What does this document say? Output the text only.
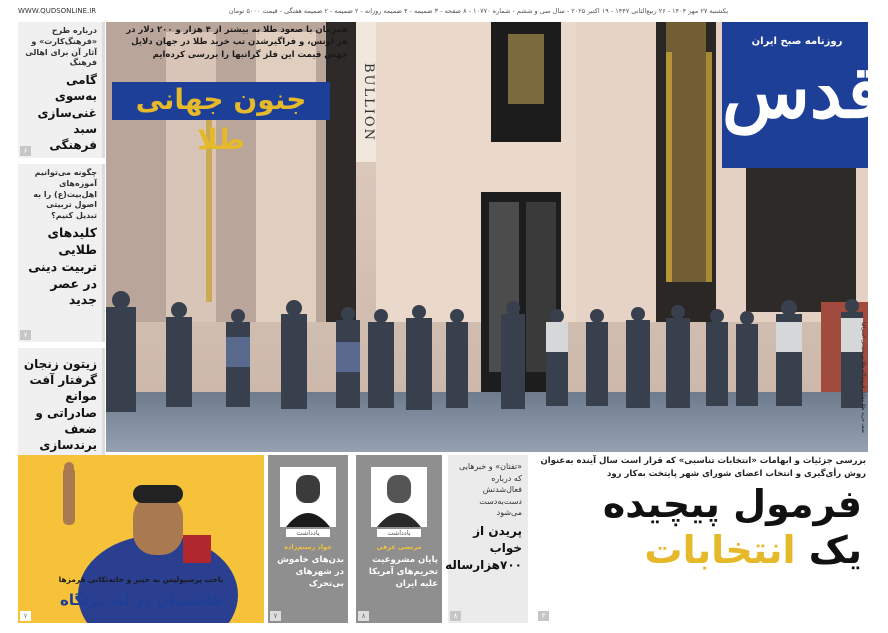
WWW.QUDSONLINE.IR	یکشنبه ۲۷ مهر ۱۴۰۴ - ۲۶ ربیع‌الثانی ۱۴۴۷ - ۱۹ اکتبر ۲۰۲۵ - سال سی و ششم - شماره ۱۰۷۷۰ - ۸ صفحه - ۳ ضمیمه - ۴ ضمیمه روزانه - ۲ ضمیمه - ۲ ضمیمه هفتگی - قیمت ۵۰۰۰ تومان
درباره طرح «فرهنگ‌کارت» و آثار آن برای اهالی فرهنگ
گامی به‌سوی غنی‌سازی سبد فرهنگی
۶
چگونه می‌توانیم آموزه‌های اهل‌بیت(ع) را به اصول تربیتی تبدیل کنیم؟
کلیدهای طلایی تربیت دینی در عصر جدید
۷
زیتون زنجان گرفتار آفت موانع صادراتی و ضعف برندسازی
BULLION
صف خرید طلا مقابل فروشگاه طلا در سیدنی استرالیا
همزمان با صعود طلا به بیشتر از ۴ هزار و ۲۰۰ دلار در هر اونس، و فراگیرشدن تب خرید طلا در جهان دلایل جهش قیمت این فلز گرانبها را بررسی کرده‌ایم
جنون جهانی طلا
قدس
روزنامه صبح ایران
باخت پرسپولیس به خیبر و خانه‌تکانی قرمزها
هاشمیان در لبه پرتگاه
۷
یادداشت
جواد رستم‌زاده
بدن‌های خاموش در شهرهای بی‌تحرک
۷
یادداشت
مرتضی غرقی
پایان مشروعیت تحریم‌های آمریکا علیه ایران
۸
«تفتان» و خبرهایی که درباره فعال‌شدنش دست‌به‌دست می‌شود
پریدن از خواب ۷۰۰هزارساله
۸
بررسی جزئیات و ابهامات «انتخابات تناسبی» که قرار است سال آینده به‌عنوان روش رأی‌گیری و انتخاب اعضای شورای شهر پایتخت به‌کار رود
فرمول پیچیده
یک انتخابات
۳
